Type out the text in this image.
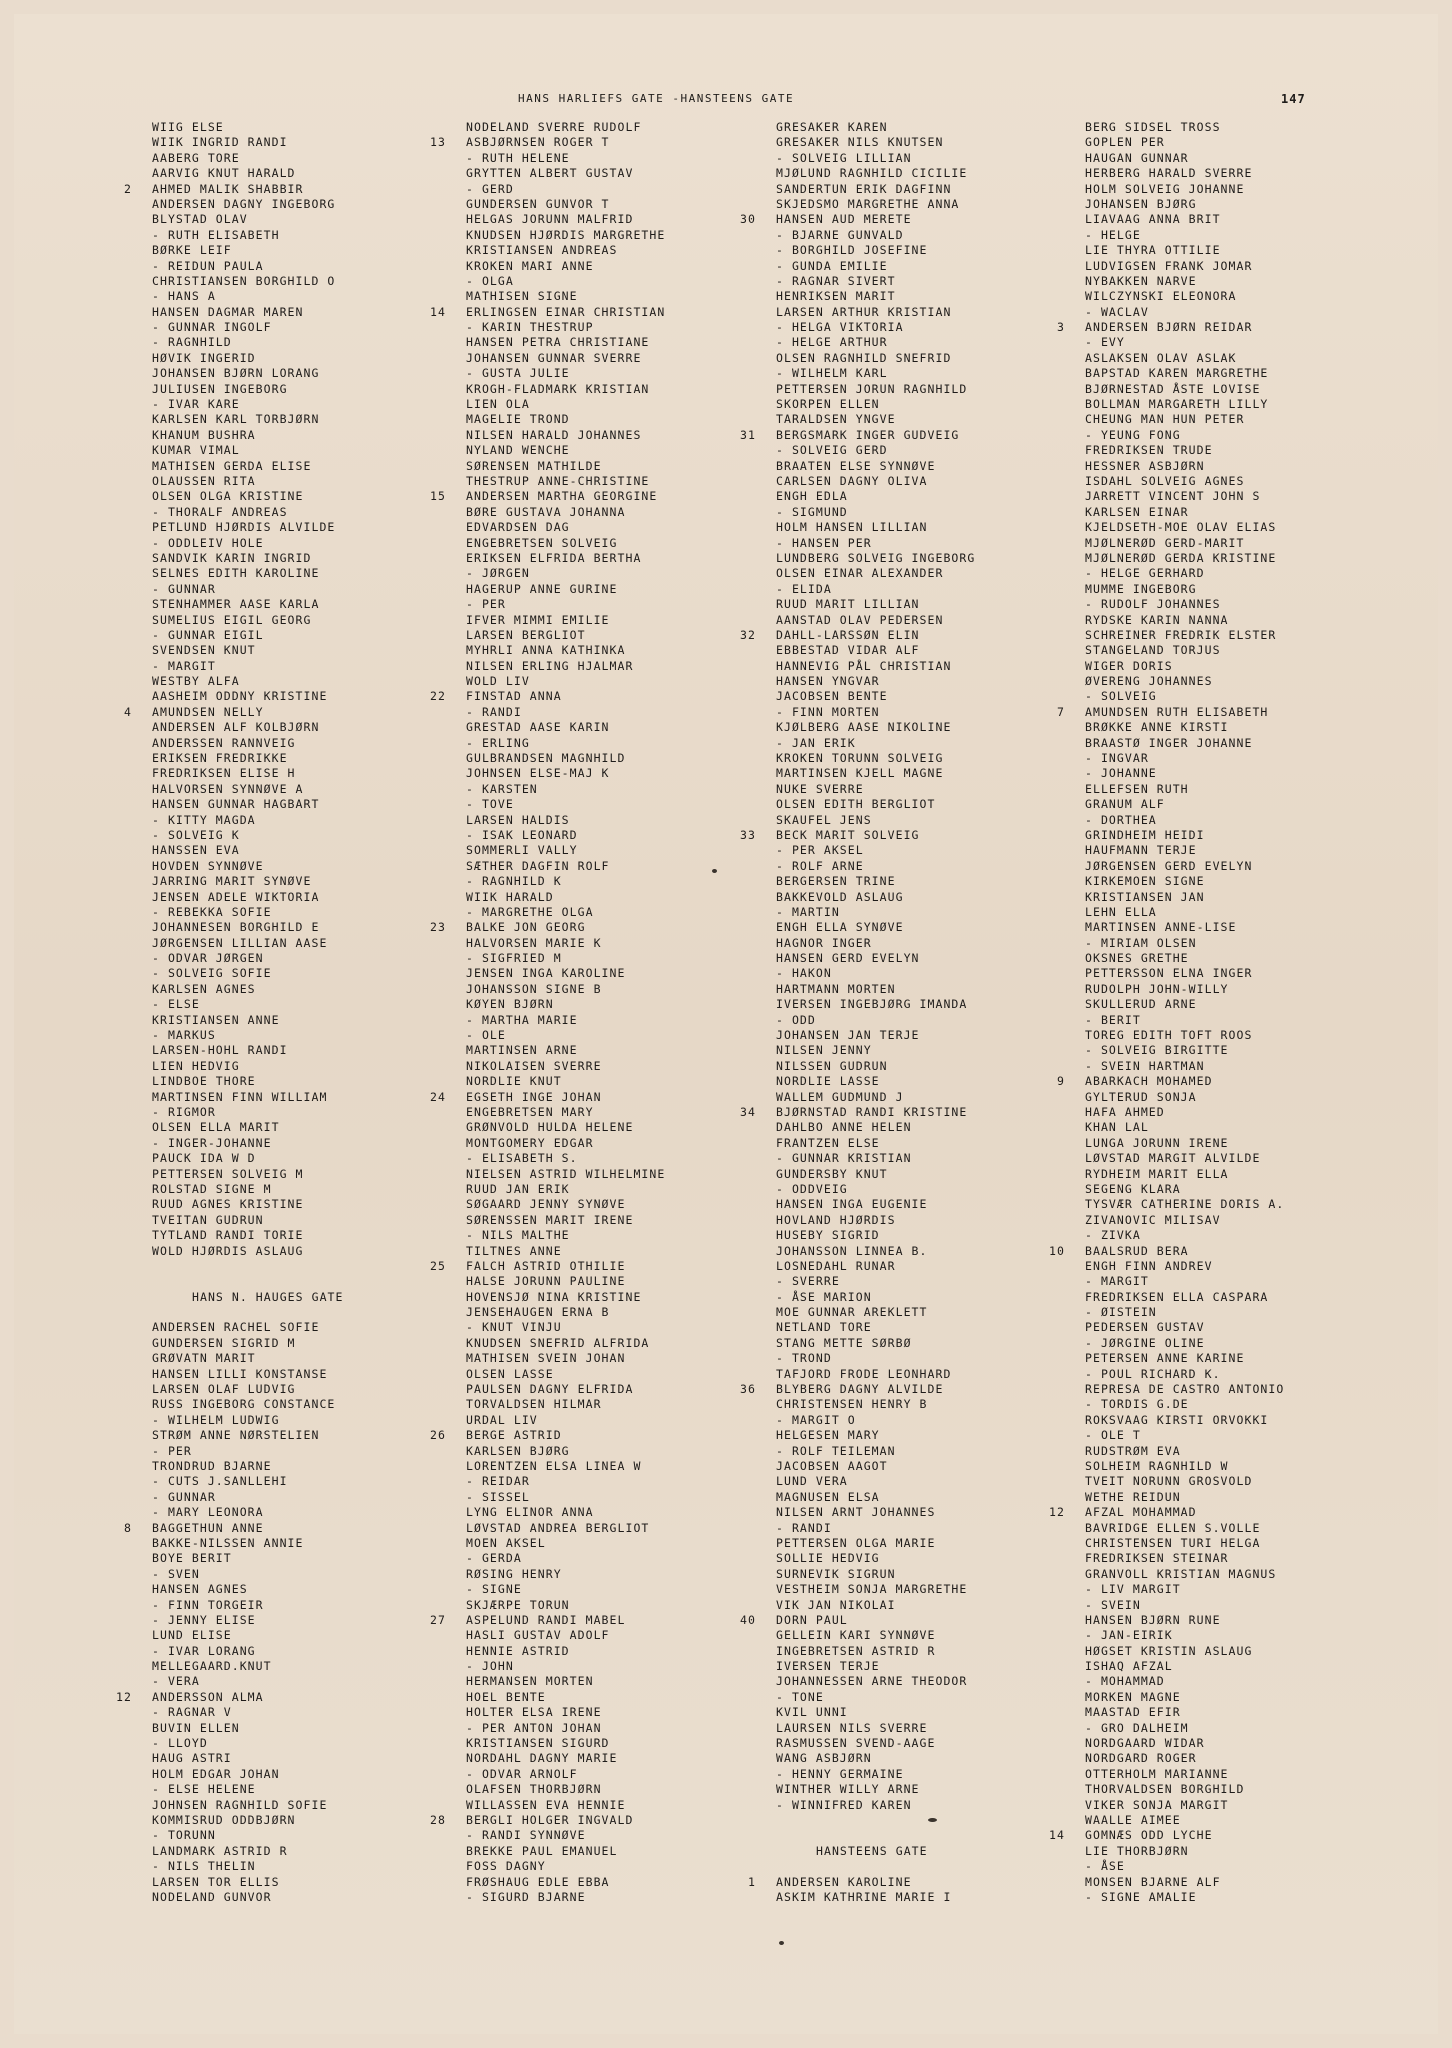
HANS HARLIEFS GATE -HANSTEENS GATE	147
WIIG ELSE
WIIK INGRID RANDI
AABERG TORE
AARVIG KNUT HARALD
2 AHMED MALIK SHABBIR
ANDERSEN DAGNY INGEBORG
BLYSTAD OLAV
- RUTH ELISABETH
BØRKE LEIF
- REIDUN PAULA
CHRISTIANSEN BORGHILD O
- HANS A
HANSEN DAGMAR MAREN
- GUNNAR INGOLF
- RAGNHILD
HØVIK INGERID
JOHANSEN BJØRN LORANG
JULIUSEN INGEBORG
- IVAR KARE
KARLSEN KARL TORBJØRN
KHANUM BUSHRA
KUMAR VIMAL
MATHISEN GERDA ELISE
OLAUSSEN RITA
OLSEN OLGA KRISTINE
- THORALF ANDREAS
PETLUND HJØRDIS ALVILDE
- ODDLEIV HOLE
SANDVIK KARIN INGRID
SELNES EDITH KAROLINE
- GUNNAR
STENHAMMER AASE KARLA
SUMELIUS EIGIL GEORG
- GUNNAR EIGIL
SVENDSEN KNUT
- MARGIT
WESTBY ALFA
AASHEIM ODDNY KRISTINE
4 AMUNDSEN NELLY
ANDERSEN ALF KOLBJØRN
ANDERSSEN RANNVEIG
ERIKSEN FREDRIKKE
FREDRIKSEN ELISE H
HALVORSEN SYNNØVE A
HANSEN GUNNAR HAGBART
- KITTY MAGDA
- SOLVEIG K
HANSSEN EVA
HOVDEN SYNNØVE
JARRING MARIT SYNØVE
JENSEN ADELE WIKTORIA
- REBEKKA SOFIE
JOHANNESEN BORGHILD E
JØRGENSEN LILLIAN AASE
- ODVAR JØRGEN
- SOLVEIG SOFIE
KARLSEN AGNES
- ELSE
KRISTIANSEN ANNE
- MARKUS
LARSEN-HOHL RANDI
LIEN HEDVIG
LINDBOE THORE
MARTINSEN FINN WILLIAM
- RIGMOR
OLSEN ELLA MARIT
- INGER-JOHANNE
PAUCK IDA W D
PETTERSEN SOLVEIG M
ROLSTAD SIGNE M
RUUD AGNES KRISTINE
TVEITAN GUDRUN
TYTLAND RANDI TORIE
WOLD HJØRDIS ASLAUG
HANS N. HAUGES GATE
ANDERSEN RACHEL SOFIE
GUNDERSEN SIGRID M
GRØVATN MARIT
HANSEN LILLI KONSTANSE
LARSEN OLAF LUDVIG
RUSS INGEBORG CONSTANCE
- WILHELM LUDWIG
STRØM ANNE NØRSTELIEN
- PER
TRONDRUD BJARNE
- CUTS J.SANLLEHI
- GUNNAR
- MARY LEONORA
8 BAGGETHUN ANNE
BAKKE-NILSSEN ANNIE
BOYE BERIT
- SVEN
HANSEN AGNES
- FINN TORGEIR
- JENNY ELISE
LUND ELISE
- IVAR LORANG
MELLEGAARD.KNUT
- VERA
12 ANDERSSON ALMA
- RAGNAR V
BUVIN ELLEN
- LLOYD
HAUG ASTRI
HOLM EDGAR JOHAN
- ELSE HELENE
JOHNSEN RAGNHILD SOFIE
KOMMISRUD ODDBJØRN
- TORUNN
LANDMARK ASTRID R
- NILS THELIN
LARSEN TOR ELLIS
NODELAND GUNVOR
NODELAND SVERRE RUDOLF
13 ASBJØRNSEN ROGER T
- RUTH HELENE
GRYTTEN ALBERT GUSTAV
- GERD
GUNDERSEN GUNVOR T
HELGAS JORUNN MALFRID
KNUDSEN HJØRDIS MARGRETHE
KRISTIANSEN ANDREAS
KROKEN MARI ANNE
- OLGA
MATHISEN SIGNE
14 ERLINGSEN EINAR CHRISTIAN
- KARIN THESTRUP
HANSEN PETRA CHRISTIANE
JOHANSEN GUNNAR SVERRE
- GUSTA JULIE
KROGH-FLADMARK KRISTIAN
LIEN OLA
MAGELIE TROND
NILSEN HARALD JOHANNES
NYLAND WENCHE
SØRENSEN MATHILDE
THESTRUP ANNE-CHRISTINE
15 ANDERSEN MARTHA GEORGINE
BØRE GUSTAVA JOHANNA
EDVARDSEN DAG
ENGEBRETSEN SOLVEIG
ERIKSEN ELFRIDA BERTHA
- JØRGEN
HAGERUP ANNE GURINE
- PER
IFVER MIMMI EMILIE
LARSEN BERGLIOT
MYHRLI ANNA KATHINKA
NILSEN ERLING HJALMAR
WOLD LIV
22 FINSTAD ANNA
- RANDI
GRESTAD AASE KARIN
- ERLING
GULBRANDSEN MAGNHILD
JOHNSEN ELSE-MAJ K
- KARSTEN
- TOVE
LARSEN HALDIS
- ISAK LEONARD
SOMMERLI VALLY
SÆTHER DAGFIN ROLF
- RAGNHILD K
WIIK HARALD
- MARGRETHE OLGA
23 BALKE JON GEORG
HALVORSEN MARIE K
- SIGFRIED M
JENSEN INGA KAROLINE
JOHANSSON SIGNE B
KØYEN BJØRN
- MARTHA MARIE
- OLE
MARTINSEN ARNE
NIKOLAISEN SVERRE
NORDLIE KNUT
24 EGSETH INGE JOHAN
ENGEBRETSEN MARY
GRØNVOLD HULDA HELENE
MONTGOMERY EDGAR
- ELISABETH S.
NIELSEN ASTRID WILHELMINE
RUUD JAN ERIK
SØGAARD JENNY SYNØVE
SØRENSSEN MARIT IRENE
- NILS MALTHE
TILTNES ANNE
25 FALCH ASTRID OTHILIE
HALSE JORUNN PAULINE
HOVENSJØ NINA KRISTINE
JENSEHAUGEN ERNA B
- KNUT VINJU
KNUDSEN SNEFRID ALFRIDA
MATHISEN SVEIN JOHAN
OLSEN LASSE
PAULSEN DAGNY ELFRIDA
TORVALDSEN HILMAR
URDAL LIV
26 BERGE ASTRID
KARLSEN BJØRG
LORENTZEN ELSA LINEA W
- REIDAR
- SISSEL
LYNG ELINOR ANNA
LØVSTAD ANDREA BERGLIOT
MOEN AKSEL
- GERDA
RØSING HENRY
- SIGNE
SKJÆRPE TORUN
27 ASPELUND RANDI MABEL
HASLI GUSTAV ADOLF
HENNIE ASTRID
- JOHN
HERMANSEN MORTEN
HOEL BENTE
HOLTER ELSA IRENE
- PER ANTON JOHAN
KRISTIANSEN SIGURD
NORDAHL DAGNY MARIE
- ODVAR ARNOLF
OLAFSEN THORBJØRN
WILLASSEN EVA HENNIE
28 BERGLI HOLGER INGVALD
- RANDI SYNNØVE
BREKKE PAUL EMANUEL
FOSS DAGNY
FRØSHAUG EDLE EBBA
- SIGURD BJARNE
GRESAKER KAREN
GRESAKER NILS KNUTSEN
- SOLVEIG LILLIAN
MJØLUND RAGNHILD CICILIE
SANDERTUN ERIK DAGFINN
SKJEDSMO MARGRETHE ANNA
30 HANSEN AUD MERETE
- BJARNE GUNVALD
- BORGHILD JOSEFINE
- GUNDA EMILIE
- RAGNAR SIVERT
HENRIKSEN MARIT
LARSEN ARTHUR KRISTIAN
- HELGA VIKTORIA
- HELGE ARTHUR
OLSEN RAGNHILD SNEFRID
- WILHELM KARL
PETTERSEN JORUN RAGNHILD
SKORPEN ELLEN
TARALDSEN YNGVE
31 BERGSMARK INGER GUDVEIG
- SOLVEIG GERD
BRAATEN ELSE SYNNØVE
CARLSEN DAGNY OLIVA
ENGH EDLA
- SIGMUND
HOLM HANSEN LILLIAN
- HANSEN PER
LUNDBERG SOLVEIG INGEBORG
OLSEN EINAR ALEXANDER
- ELIDA
RUUD MARIT LILLIAN
AANSTAD OLAV PEDERSEN
32 DAHLL-LARSSØN ELIN
EBBESTAD VIDAR ALF
HANNEVIG PÅL CHRISTIAN
HANSEN YNGVAR
JACOBSEN BENTE
- FINN MORTEN
KJØLBERG AASE NIKOLINE
- JAN ERIK
KROKEN TORUNN SOLVEIG
MARTINSEN KJELL MAGNE
NUKE SVERRE
OLSEN EDITH BERGLIOT
SKAUFEL JENS
33 BECK MARIT SOLVEIG
- PER AKSEL
- ROLF ARNE
BERGERSEN TRINE
BAKKEVOLD ASLAUG
- MARTIN
ENGH ELLA SYNØVE
HAGNOR INGER
HANSEN GERD EVELYN
- HAKON
HARTMANN MORTEN
IVERSEN INGEBJØRG IMANDA
- ODD
JOHANSEN JAN TERJE
NILSEN JENNY
NILSSEN GUDRUN
NORDLIE LASSE
WALLEM GUDMUND J
34 BJØRNSTAD RANDI KRISTINE
DAHLBO ANNE HELEN
FRANTZEN ELSE
- GUNNAR KRISTIAN
GUNDERSBY KNUT
- ODDVEIG
HANSEN INGA EUGENIE
HOVLAND HJØRDIS
HUSEBY SIGRID
JOHANSSON LINNEA B.
LOSNEDAHL RUNAR
- SVERRE
- ÅSE MARION
MOE GUNNAR AREKLETT
NETLAND TORE
STANG METTE SØRBØ
- TROND
TAFJORD FRODE LEONHARD
36 BLYBERG DAGNY ALVILDE
CHRISTENSEN HENRY B
- MARGIT O
HELGESEN MARY
- ROLF TEILEMAN
JACOBSEN AAGOT
LUND VERA
MAGNUSEN ELSA
NILSEN ARNT JOHANNES
- RANDI
PETTERSEN OLGA MARIE
SOLLIE HEDVIG
SURNEVIK SIGRUN
VESTHEIM SONJA MARGRETHE
VIK JAN NIKOLAI
40 DORN PAUL
GELLEIN KARI SYNNØVE
INGEBRETSEN ASTRID R
IVERSEN TERJE
JOHANNESSEN ARNE THEODOR
- TONE
KVIL UNNI
LAURSEN NILS SVERRE
RASMUSSEN SVEND-AAGE
WANG ASBJØRN
- HENNY GERMAINE
WINTHER WILLY ARNE
- WINNIFRED KAREN
HANSTEENS GATE
1 ANDERSEN KAROLINE
ASKIM KATHRINE MARIE I
BERG SIDSEL TROSS
GOPLEN PER
HAUGAN GUNNAR
HERBERG HARALD SVERRE
HOLM SOLVEIG JOHANNE
JOHANSEN BJØRG
LIAVAAG ANNA BRIT
- HELGE
LIE THYRA OTTILIE
LUDVIGSEN FRANK JOMAR
NYBAKKEN NARVE
WILCZYNSKI ELEONORA
- WACLAV
3 ANDERSEN BJØRN REIDAR
- EVY
ASLAKSEN OLAV ASLAK
BAPSTAD KAREN MARGRETHE
BJØRNESTAD ÅSTE LOVISE
BOLLMAN MARGARETH LILLY
CHEUNG MAN HUN PETER
- YEUNG FONG
FREDRIKSEN TRUDE
HESSNER ASBJØRN
ISDAHL SOLVEIG AGNES
JARRETT VINCENT JOHN S
KARLSEN EINAR
KJELDSETH-MOE OLAV ELIAS
MJØLNERØD GERD-MARIT
MJØLNERØD GERDA KRISTINE
- HELGE GERHARD
MUMME INGEBORG
- RUDOLF JOHANNES
RYDSKE KARIN NANNA
SCHREINER FREDRIK ELSTER
STANGELAND TORJUS
WIGER DORIS
ØVERENG JOHANNES
- SOLVEIG
7 AMUNDSEN RUTH ELISABETH
BRØKKE ANNE KIRSTI
BRAASTØ INGER JOHANNE
- INGVAR
- JOHANNE
ELLEFSEN RUTH
GRANUM ALF
- DORTHEA
GRINDHEIM HEIDI
HAUFMANN TERJE
JØRGENSEN GERD EVELYN
KIRKEMOEN SIGNE
KRISTIANSEN JAN
LEHN ELLA
MARTINSEN ANNE-LISE
- MIRIAM OLSEN
OKSNES GRETHE
PETTERSSON ELNA INGER
RUDOLPH JOHN-WILLY
SKULLERUD ARNE
- BERIT
TOREG EDITH TOFT ROOS
- SOLVEIG BIRGITTE
- SVEIN HARTMAN
9 ABARKACH MOHAMED
GYLTERUD SONJA
HAFA AHMED
KHAN LAL
LUNGA JORUNN IRENE
LØVSTAD MARGIT ALVILDE
RYDHEIM MARIT ELLA
SEGENG KLARA
TYSVÆR CATHERINE DORIS A.
ZIVANOVIC MILISAV
- ZIVKA
10 BAALSRUD BERA
ENGH FINN ANDREV
- MARGIT
FREDRIKSEN ELLA CASPARA
- ØISTEIN
PEDERSEN GUSTAV
- JØRGINE OLINE
PETERSEN ANNE KARINE
- POUL RICHARD K.
REPRESA DE CASTRO ANTONIO
- TORDIS G.DE
ROKSVAAG KIRSTI ORVOKKI
- OLE T
RUDSTRØM EVA
SOLHEIM RAGNHILD W
TVEIT NORUNN GROSVOLD
WETHE REIDUN
12 AFZAL MOHAMMAD
BAVRIDGE ELLEN S.VOLLE
CHRISTENSEN TURI HELGA
FREDRIKSEN STEINAR
GRANVOLL KRISTIAN MAGNUS
- LIV MARGIT
- SVEIN
HANSEN BJØRN RUNE
- JAN-EIRIK
HØGSET KRISTIN ASLAUG
ISHAQ AFZAL
- MOHAMMAD
MORKEN MAGNE
MAASTAD EFIR
- GRO DALHEIM
NORDGAARD WIDAR
NORDGARD ROGER
OTTERHOLM MARIANNE
THORVALDSEN BORGHILD
VIKER SONJA MARGIT
WAALLE AIMEE
14 GOMNÆS ODD LYCHE
LIE THORBJØRN
- ÅSE
MONSEN BJARNE ALF
- SIGNE AMALIE
